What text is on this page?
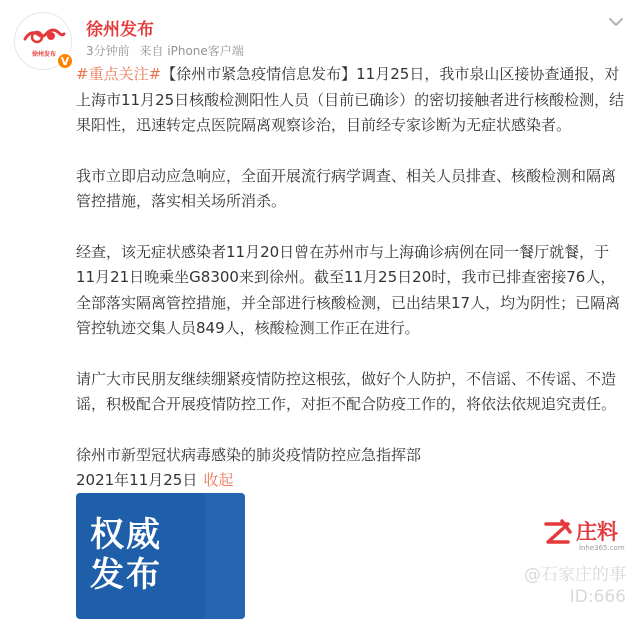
徐州发布 V
徐州发布
3分钟前 来自 iPhone客户端

#重点关注#【徐州市紧急疫情信息发布】11月25日，我市泉山区接协查通报，对上海市11月25日核酸检测阳性人员（目前已确诊）的密切接触者进行核酸检测，结果阳性，迅速转定点医院隔离观察诊治，目前经专家诊断为无症状感染者。

我市立即启动应急响应，全面开展流行病学调查、相关人员排查、核酸检测和隔离管控措施，落实相关场所消杀。

经查，该无症状感染者11月20日曾在苏州市与上海确诊病例在同一餐厅就餐，于11月21日晚乘坐G8300来到徐州。截至11月25日20时，我市已排查密接76人，全部落实隔离管控措施，并全部进行核酸检测，已出结果17人，均为阴性；已隔离管控轨迹交集人员849人，核酸检测工作正在进行。

请广大市民朋友继续绷紧疫情防控这根弦，做好个人防护，不信谣、不传谣、不造谣，积极配合开展疫情防控工作，对拒不配合防疫工作的，将依法依规追究责任。

徐州市新型冠状病毒感染的肺炎疫情防控应急指挥部
2021年11月25日 收起
权威发布
庄料
lnhe365.com
@石家庄的事
ID:666
